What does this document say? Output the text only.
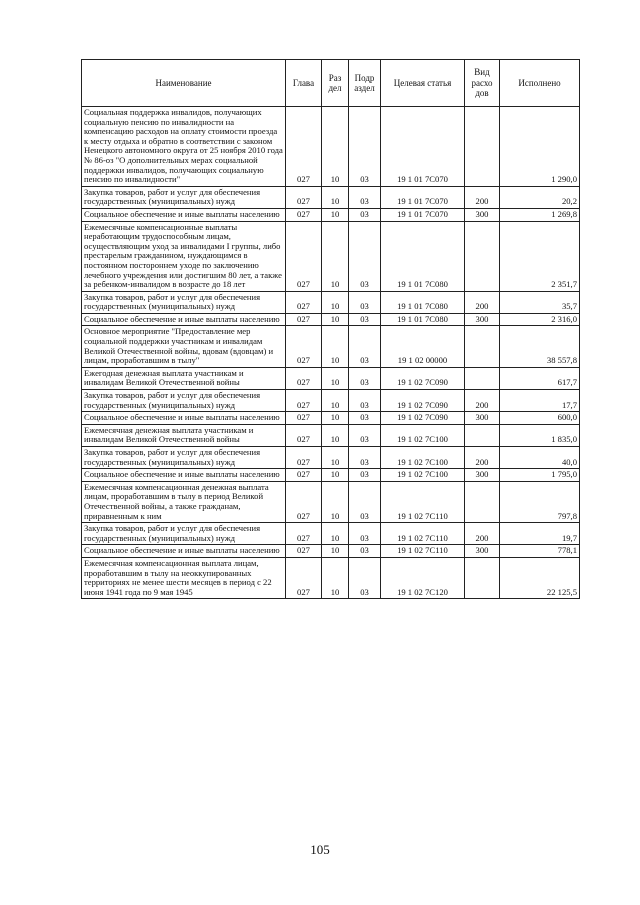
Наименование	Глава	Раз дел	Подр аздел	Целевая статья	Вид расхо дов	Исполнено
Социальная поддержка инвалидов, получающих социальную пенсию по инвалидности на компенсацию расходов на оплату стоимости проезда к месту отдыха и обратно в соответствии с законом Ненецкого автономного округа от 25 ноября 2010 года № 86-оз "О дополнительных мерах социальной поддержки инвалидов, получающих социальную пенсию по инвалидности"	027	10	03	19 1 01 7С070		1 290,0
Закупка товаров, работ и услуг для обеспечения государственных (муниципальных) нужд	027	10	03	19 1 01 7С070	200	20,2
Социальное обеспечение и иные выплаты населению	027	10	03	19 1 01 7С070	300	1 269,8
Ежемесячные компенсационные выплаты неработающим трудоспособным лицам, осуществляющим уход за инвалидами I группы, либо престарелым гражданином, нуждающимся в постоянном постороннем уходе по заключению лечебного учреждения или достигшим 80 лет, а также за ребенком-инвалидом в возрасте до 18 лет	027	10	03	19 1 01 7С080		2 351,7
Закупка товаров, работ и услуг для обеспечения государственных (муниципальных) нужд	027	10	03	19 1 01 7С080	200	35,7
Социальное обеспечение и иные выплаты населению	027	10	03	19 1 01 7С080	300	2 316,0
Основное мероприятие "Предоставление мер социальной поддержки участникам и инвалидам Великой Отечественной войны, вдовам (вдовцам) и лицам, проработавшим в тылу"	027	10	03	19 1 02 00000		38 557,8
Ежегодная денежная выплата участникам и инвалидам Великой Отечественной войны	027	10	03	19 1 02 7С090		617,7
Закупка товаров, работ и услуг для обеспечения государственных (муниципальных) нужд	027	10	03	19 1 02 7С090	200	17,7
Социальное обеспечение и иные выплаты населению	027	10	03	19 1 02 7С090	300	600,0
Ежемесячная денежная выплата участникам и инвалидам Великой Отечественной войны	027	10	03	19 1 02 7С100		1 835,0
Закупка товаров, работ и услуг для обеспечения государственных (муниципальных) нужд	027	10	03	19 1 02 7С100	200	40,0
Социальное обеспечение и иные выплаты населению	027	10	03	19 1 02 7С100	300	1 795,0
Ежемесячная компенсационная денежная выплата лицам, проработавшим в тылу в период Великой Отечественной войны, а также гражданам, приравненным к ним	027	10	03	19 1 02 7С110		797,8
Закупка товаров, работ и услуг для обеспечения государственных (муниципальных) нужд	027	10	03	19 1 02 7С110	200	19,7
Социальное обеспечение и иные выплаты населению	027	10	03	19 1 02 7С110	300	778,1
Ежемесячная компенсационная выплата лицам, проработавшим в тылу на неоккупированных территориях не менее шести месяцев в период с 22 июня 1941 года по 9 мая 1945	027	10	03	19 1 02 7С120		22 125,5
105
